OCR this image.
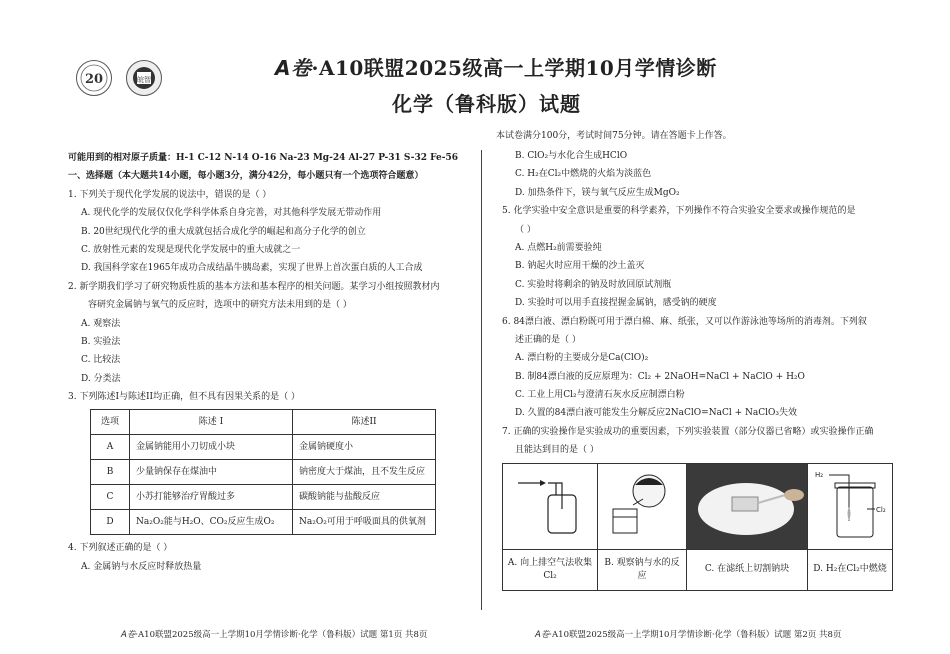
20	皖智	A卷·A10联盟2025级高一上学期10月学情诊断
化学（鲁科版）试题
本试卷满分100分，考试时间75分钟。请在答题卡上作答。

可能用到的相对原子质量：H-1 C-12 N-14 O-16 Na-23 Mg-24 Al-27 P-31 S-32 Fe-56

一、选择题（本大题共14小题，每小题3分，满分42分，每小题只有一个选项符合题意）

1. 下列关于现代化学发展的说法中，错误的是（ ）

A. 现代化学的发展仅仅化学科学体系自身完善，对其他科学发展无带动作用

B. 20世纪现代化学的重大成就包括合成化学的崛起和高分子化学的创立

C. 放射性元素的发现是现代化学发展中的重大成就之一

D. 我国科学家在1965年成功合成结晶牛胰岛素，实现了世界上首次蛋白质的人工合成

2. 新学期我们学习了研究物质性质的基本方法和基本程序的相关问题。某学习小组按照教材内

容研究金属钠与氧气的反应时，选项中的研究方法未用到的是（ ）

A. 观察法

B. 实验法

C. 比较法

D. 分类法

3. 下列陈述I与陈述II均正确，但不具有因果关系的是（ ）

选项	陈述 I	陈述II
A	金属钠能用小刀切成小块	金属钠硬度小
B	少量钠保存在煤油中	钠密度大于煤油，且不发生反应
C	小苏打能够治疗胃酸过多	碳酸钠能与盐酸反应
D	Na₂O₂能与H₂O、CO₂反应生成O₂	Na₂O₂可用于呼吸面具的供氧剂

4. 下列叙述正确的是（ ）

A. 金属钠与水反应时释放热量

B. ClO₂与水化合生成HClO

C. H₂在Cl₂中燃烧的火焰为淡蓝色

D. 加热条件下，镁与氧气反应生成MgO₂

5. 化学实验中安全意识是重要的科学素养，下列操作不符合实验安全要求或操作规范的是

（ ）

A. 点燃H₂前需要验纯

B. 钠起火时应用干燥的沙土盖灭

C. 实验时将剩余的钠及时放回原试剂瓶

D. 实验时可以用手直接捏握金属钠，感受钠的硬度

6. 84漂白液、漂白粉既可用于漂白棉、麻、纸张，又可以作游泳池等场所的消毒剂。下列叙

述正确的是（ ）

A. 漂白粉的主要成分是Ca(ClO)₂

B. 制84漂白液的反应原理为：Cl₂ + 2NaOH=NaCl + NaClO + H₂O

C. 工业上用Cl₂与澄清石灰水反应制漂白粉

D. 久置的84漂白液可能发生分解反应2NaClO=NaCl + NaClO₃失效

7. 正确的实验操作是实验成功的重要因素，下列实验装置（部分仪器已省略）或实验操作正确

且能达到目的是（ ）

H₂
Cl₂

A. 向上排空气法收集Cl₂	B. 观察钠与水的反应	C. 在滤纸上切割钠块	D. H₂在Cl₂中燃烧
A卷·A10联盟2025级高一上学期10月学情诊断·化学（鲁科版）试题 第1页 共8页	A卷·A10联盟2025级高一上学期10月学情诊断·化学（鲁科版）试题 第2页 共8页
